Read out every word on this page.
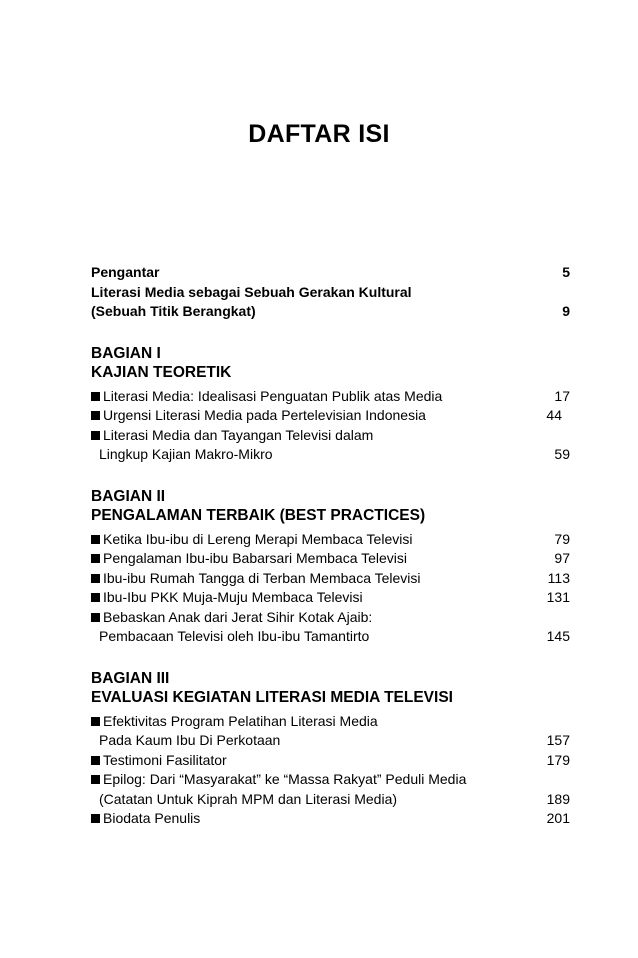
DAFTAR ISI
Pengantar	5
Literasi Media sebagai Sebuah Gerakan Kultural
(Sebuah Titik Berangkat)	9
BAGIAN I
KAJIAN TEORETIK
Literasi Media: Idealisasi Penguatan Publik atas Media	17
Urgensi Literasi Media pada Pertelevisian Indonesia	44
Literasi Media dan Tayangan Televisi dalam
Lingkup Kajian Makro-Mikro	59
BAGIAN II
PENGALAMAN TERBAIK (BEST PRACTICES)
Ketika Ibu-ibu di Lereng Merapi Membaca Televisi	79
Pengalaman Ibu-ibu Babarsari Membaca Televisi	97
Ibu-ibu Rumah Tangga di Terban Membaca Televisi	113
Ibu-Ibu PKK Muja-Muju Membaca Televisi	131
Bebaskan Anak dari Jerat Sihir Kotak Ajaib:
Pembacaan Televisi oleh Ibu-ibu Tamantirto	145
BAGIAN III
EVALUASI KEGIATAN LITERASI MEDIA TELEVISI
Efektivitas Program Pelatihan Literasi Media
Pada Kaum Ibu Di Perkotaan	157
Testimoni Fasilitator	179
Epilog: Dari “Masyarakat” ke “Massa Rakyat” Peduli Media
(Catatan Untuk Kiprah MPM dan Literasi Media)	189
Biodata Penulis	201
